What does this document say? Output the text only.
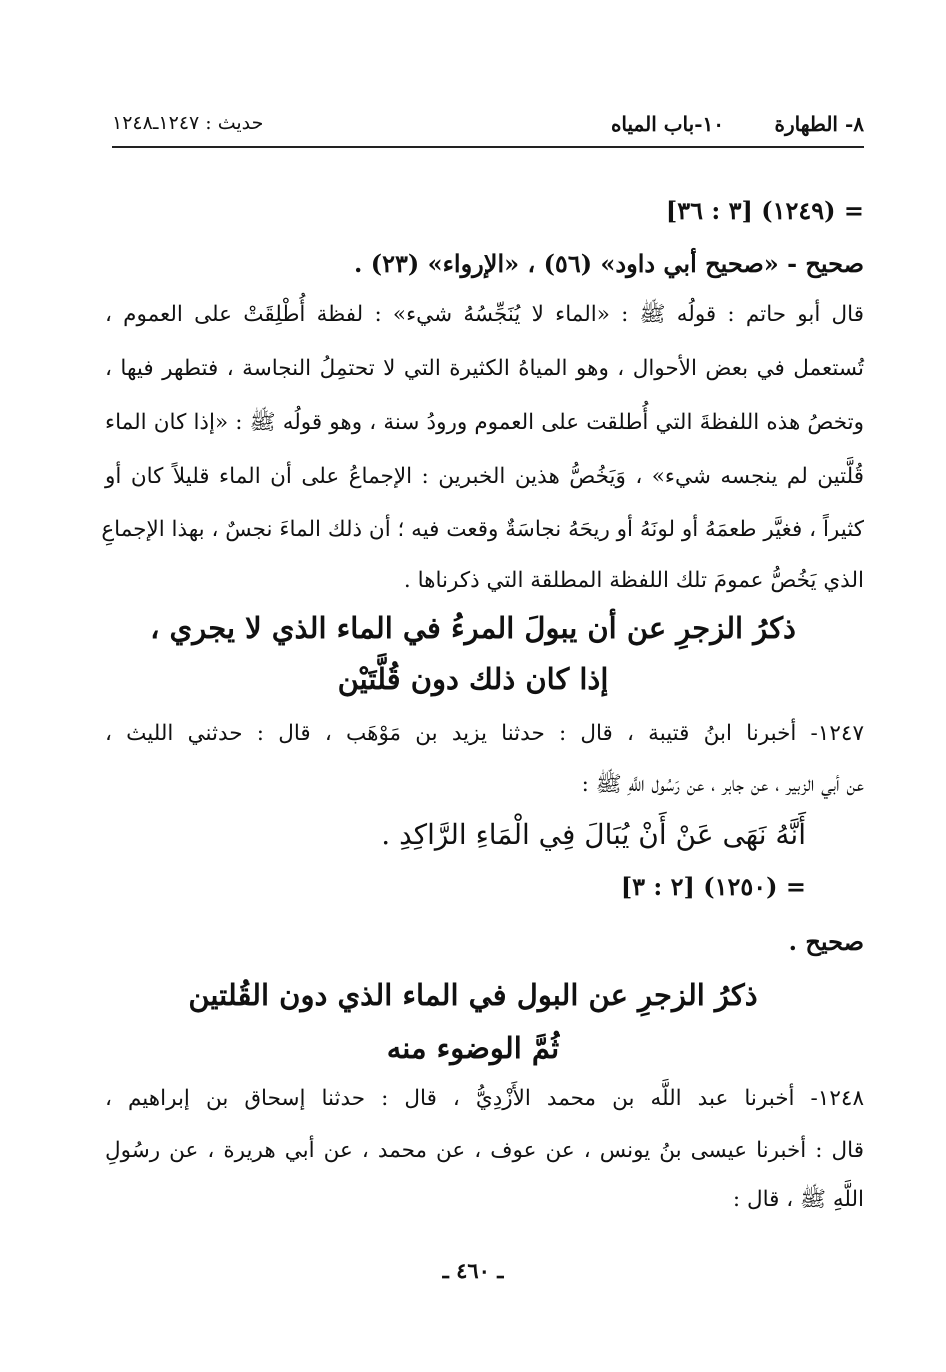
٨- الطهارة
١٠-باب المياه
حديث : ١٢٤٧ـ١٢٤٨
= (١٢٤٩) [٣ : ٣٦]
صحيح - «صحيح أبي داود» (٥٦) ، «الإرواء» (٢٣) .
قال أبو حاتم : قولُه ﷺ : «الماء لا يُنَجِّسُهُ شيء» : لفظة أُطْلِقَتْ على العموم ،
تُستعمل في بعض الأحوال ، وهو المياهُ الكثيرة التي لا تحتمِلُ النجاسة ، فتطهر فيها ،
وتخصُ هذه اللفظةَ التي أُطلقت على العموم ورودُ سنة ، وهو قولُه ﷺ : «إذا كان الماء
قُلَّتين لم ينجسه شيء» ، وَيَخُصُّ هذين الخبرين : الإجماعُ على أن الماء قليلاً كان أو
كثيراً ، فغيَّر طعمَهُ أو لونَهُ أو ريحَهُ نجاسَةٌ وقعت فيه ؛ أن ذلك الماءَ نجسٌ ، بهذا الإجماعِ
الذي يَخُصُّ عمومَ تلك اللفظة المطلقة التي ذكرناها .
ذكرُ الزجرِ عن أن يبولَ المرءُ في الماء الذي لا يجري ،
إذا كان ذلك دون قُلَّتَيْن
١٢٤٧- أخبرنا ابنُ قتيبة ، قال : حدثنا يزيد بن مَوْهَب ، قال : حدثني الليث ،
عن أبي الزبير ، عن جابر ، عن رَسُول اللَّهِ ﷺ :
أَنَّهُ نَهَى عَنْ أَنْ يُبَالَ فِي الْمَاءِ الرَّاكِدِ .
= (١٢٥٠) [٢ : ٣]
صحيح .
ذكرُ الزجرِ عن البول في الماء الذي دون القُلتين
ثُمَّ الوضوء منه
١٢٤٨- أخبرنا عبد اللَّه بن محمد الأَزْدِيُّ ، قال : حدثنا إسحاق بن إبراهيم ،
قال : أخبرنا عيسى بنُ يونس ، عن عوف ، عن محمد ، عن أبي هريرة ، عن رسُولِ
اللَّهِ ﷺ ، قال :
ـ ٤٦٠ ـ
